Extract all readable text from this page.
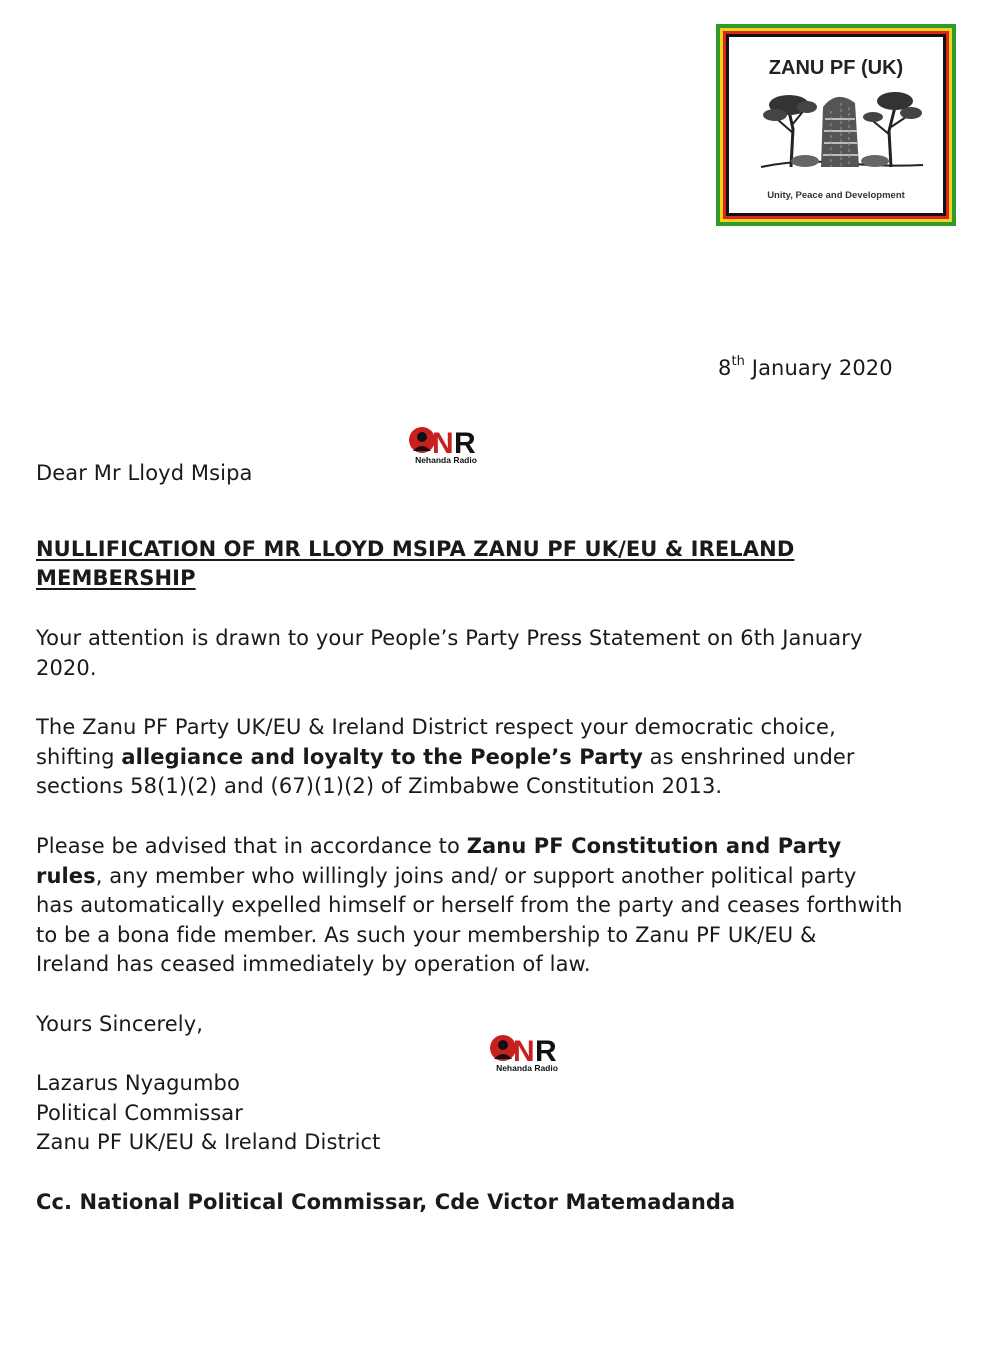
ZANU PF (UK)
Unity, Peace and Development
8th January 2020
N R
Nehanda Radio
Dear Mr Lloyd Msipa
NULLIFICATION OF MR LLOYD MSIPA ZANU PF UK/EU & IRELAND
MEMBERSHIP
Your attention is drawn to your People’s Party Press Statement on 6th January
2020.
The Zanu PF Party UK/EU & Ireland District respect your democratic choice,
shifting allegiance and loyalty to the People’s Party as enshrined under
sections 58(1)(2) and (67)(1)(2) of Zimbabwe Constitution 2013.
Please be advised that in accordance to Zanu PF Constitution and Party
rules, any member who willingly joins and/ or support another political party
has automatically expelled himself or herself from the party and ceases forthwith
to be a bona fide member. As such your membership to Zanu PF UK/EU &
Ireland has ceased immediately by operation of law.
Yours Sincerely,
N R
Nehanda Radio
Lazarus Nyagumbo
Political Commissar
Zanu PF UK/EU & Ireland District
Cc. National Political Commissar, Cde Victor Matemadanda
